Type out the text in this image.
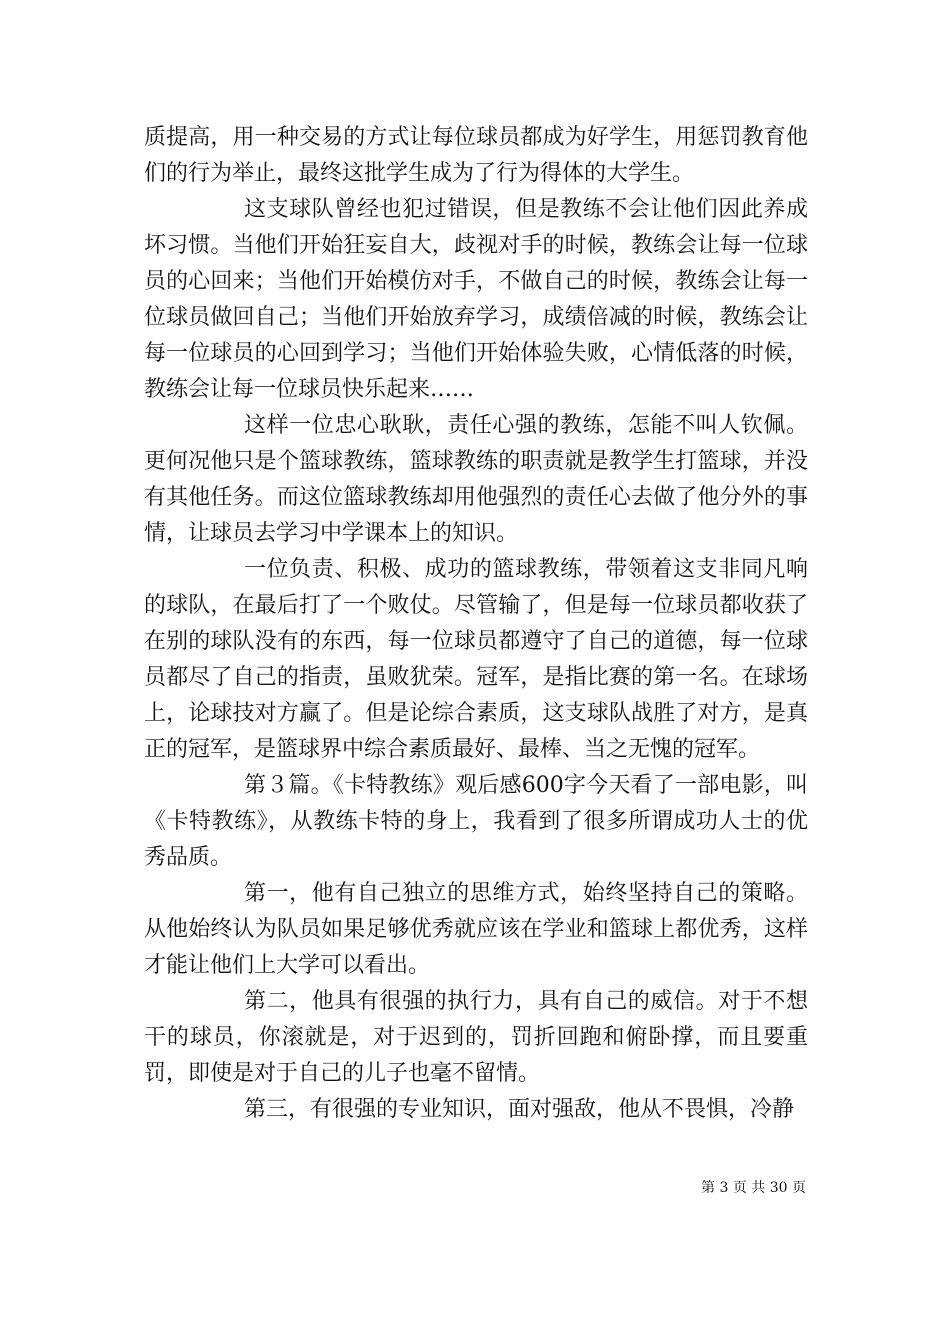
质提高，用一种交易的方式让每位球员都成为好学生，用惩罚教育他们的行为举止，最终这批学生成为了行为得体的大学生。

这支球队曾经也犯过错误，但是教练不会让他们因此养成坏习惯。当他们开始狂妄自大，歧视对手的时候，教练会让每一位球员的心回来；当他们开始模仿对手，不做自己的时候，教练会让每一位球员做回自己；当他们开始放弃学习，成绩倍减的时候，教练会让每一位球员的心回到学习；当他们开始体验失败，心情低落的时候，教练会让每一位球员快乐起来……

这样一位忠心耿耿，责任心强的教练，怎能不叫人钦佩。更何况他只是个篮球教练，篮球教练的职责就是教学生打篮球，并没有其他任务。而这位篮球教练却用他强烈的责任心去做了他分外的事情，让球员去学习中学课本上的知识。

一位负责、积极、成功的篮球教练，带领着这支非同凡响的球队，在最后打了一个败仗。尽管输了，但是每一位球员都收获了在别的球队没有的东西，每一位球员都遵守了自己的道德，每一位球员都尽了自己的指责，虽败犹荣。冠军，是指比赛的第一名。在球场上，论球技对方赢了。但是论综合素质，这支球队战胜了对方，是真正的冠军，是篮球界中综合素质最好、最棒、当之无愧的冠军。

第３篇。《卡特教练》观后感600字今天看了一部电影，叫《卡特教练》，从教练卡特的身上，我看到了很多所谓成功人士的优秀品质。

第一，他有自己独立的思维方式，始终坚持自己的策略。从他始终认为队员如果足够优秀就应该在学业和篮球上都优秀，这样才能让他们上大学可以看出。

第二，他具有很强的执行力，具有自己的威信。对于不想干的球员，你滚就是，对于迟到的，罚折回跑和俯卧撑，而且要重罚，即使是对于自己的儿子也毫不留情。

第三，有很强的专业知识，面对强敌，他从不畏惧，冷静

第 3 页 共 30 页
